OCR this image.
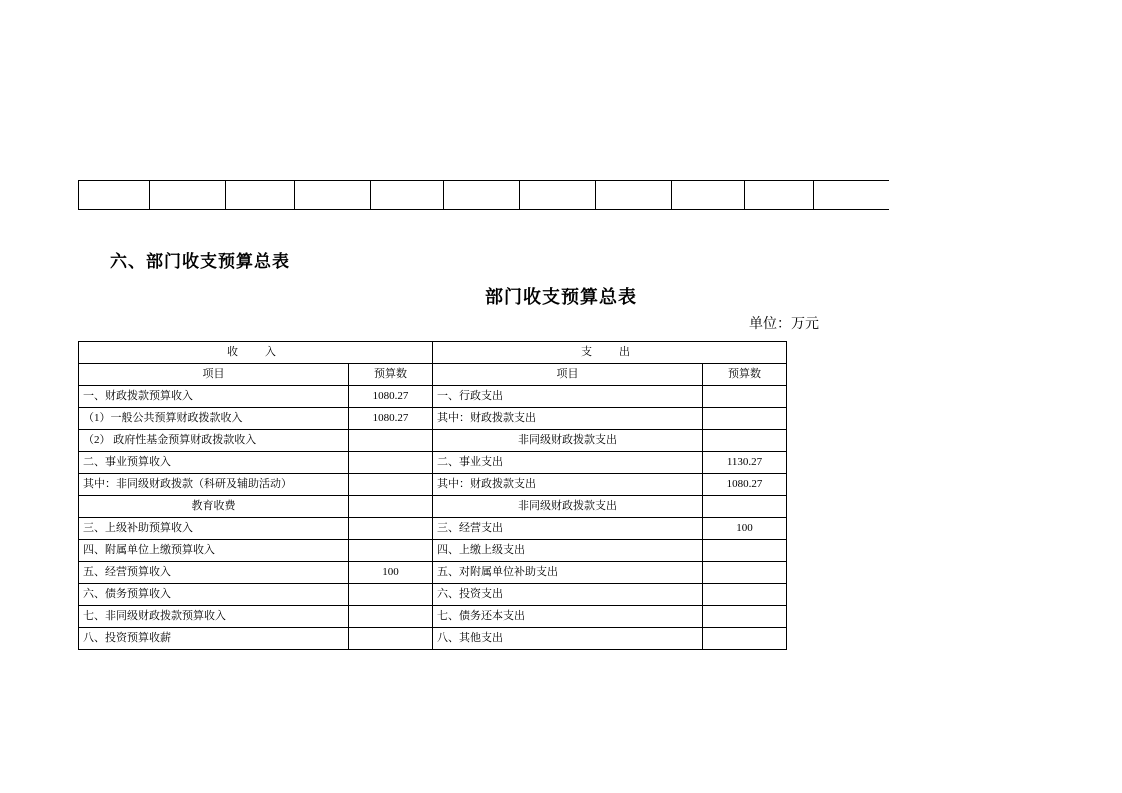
六、部门收支预算总表
部门收支预算总表
单位：万元
收　入		支　出	
项目	预算数	项目	预算数
一、财政拨款预算收入	1080.27	一、行政支出	
（1）一般公共预算财政拨款收入	1080.27	其中：财政拨款支出	
（2） 政府性基金预算财政拨款收入		非同级财政拨款支出	
二、事业预算收入		二、事业支出	1130.27
其中：非同级财政拨款（科研及辅助活动）		其中：财政拨款支出	1080.27
教育收费		非同级财政拨款支出	
三、上级补助预算收入		三、经营支出	100
四、附属单位上缴预算收入		四、上缴上级支出	
五、经营预算收入	100	五、对附属单位补助支出	
六、债务预算收入		六、投资支出	
七、非同级财政拨款预算收入		七、债务还本支出	
八、投资预算收薪		八、其他支出	
